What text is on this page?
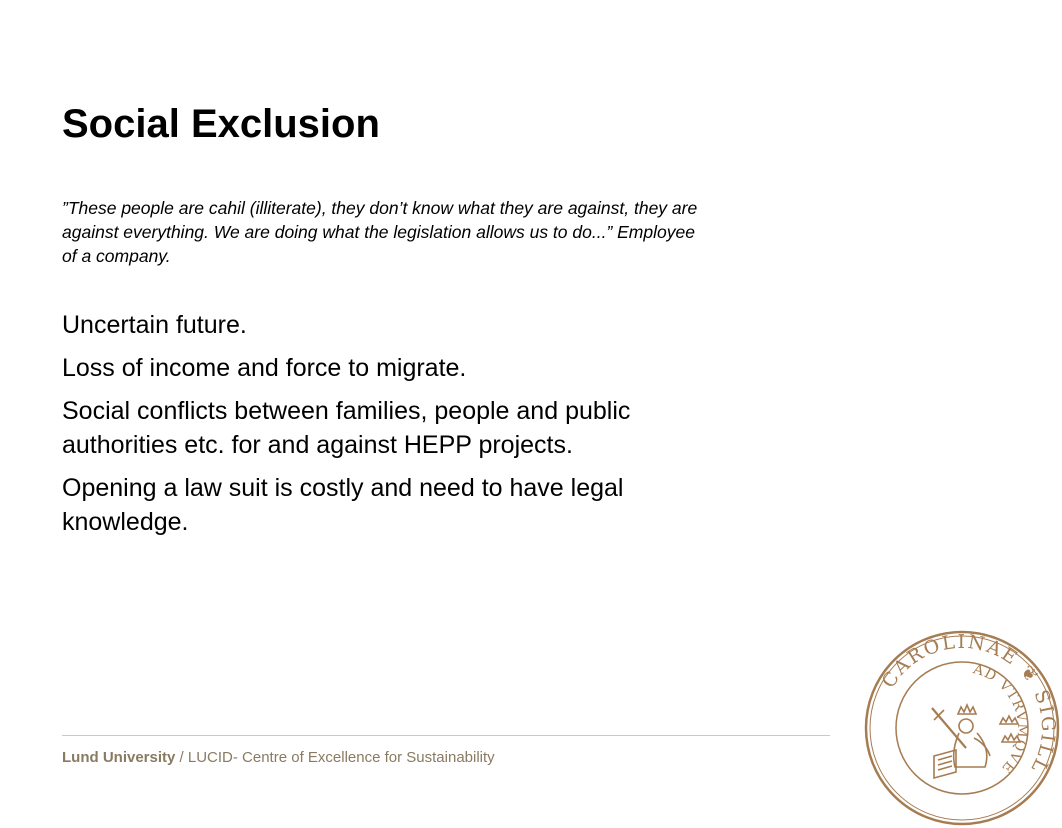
Social Exclusion

”These people are cahil (illiterate), they don’t know what they are against, they are against everything. We are doing what the legislation allows us to do...” Employee of a company.

Uncertain future.
Loss of income and force to migrate.
Social conflicts between families, people and public authorities etc. for and against HEPP projects.
Opening a law suit is costly and need to have legal knowledge.
Lund University / LUCID- Centre of Excellence for Sustainability
CAROLINAE ❦ SIGILL
AD VTRVMQVE
